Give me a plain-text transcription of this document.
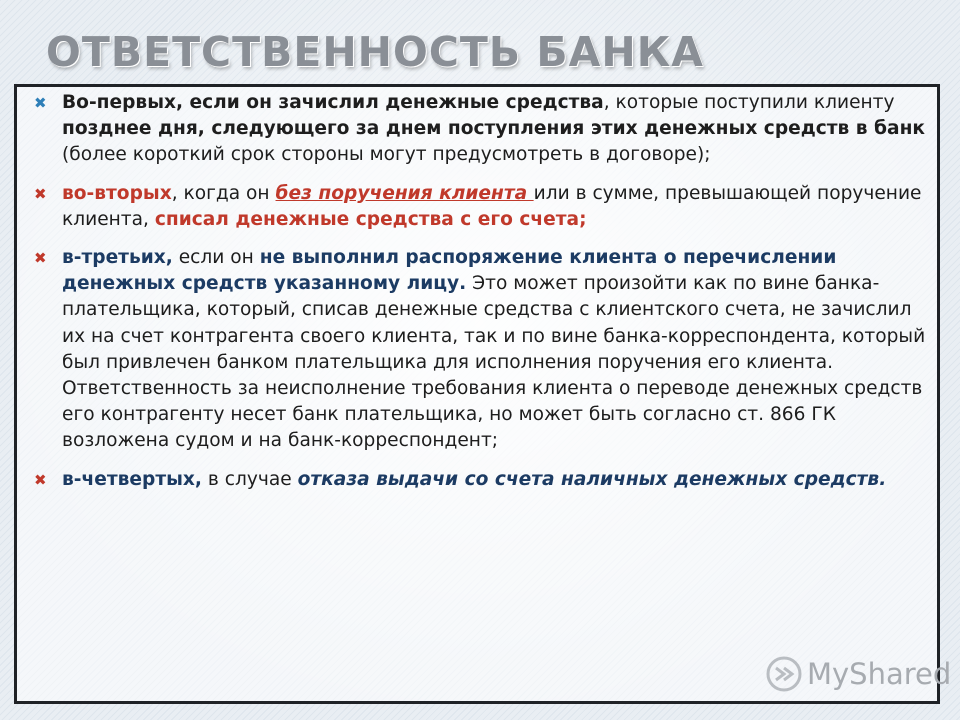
ОТВЕТСТВЕННОСТЬ БАНКА
✖ Во-первых, если он зачислил денежные средства, которые поступили клиенту позднее дня, следующего за днем поступления этих денежных средств в банк (более короткий срок стороны могут предусмотреть в договоре);
✖ во-вторых, когда он без поручения клиента или в сумме, превышающей поручение клиента, списал денежные средства с его счета;
✖ в-третьих, если он не выполнил распоряжение клиента о перечислении денежных средств указанному лицу. Это может произойти как по вине банка-плательщика, который, списав денежные средства с клиентского счета, не зачислил их на счет контрагента своего клиента, так и по вине банка-корреспондента, который был привлечен банком плательщика для исполнения поручения его клиента. Ответственность за неисполнение требования клиента о переводе денежных средств его контрагенту несет банк плательщика, но может быть согласно ст. 866 ГК возложена судом и на банк-корреспондент;
✖ в-четвертых, в случае отказа выдачи со счета наличных денежных средств.
MyShared
